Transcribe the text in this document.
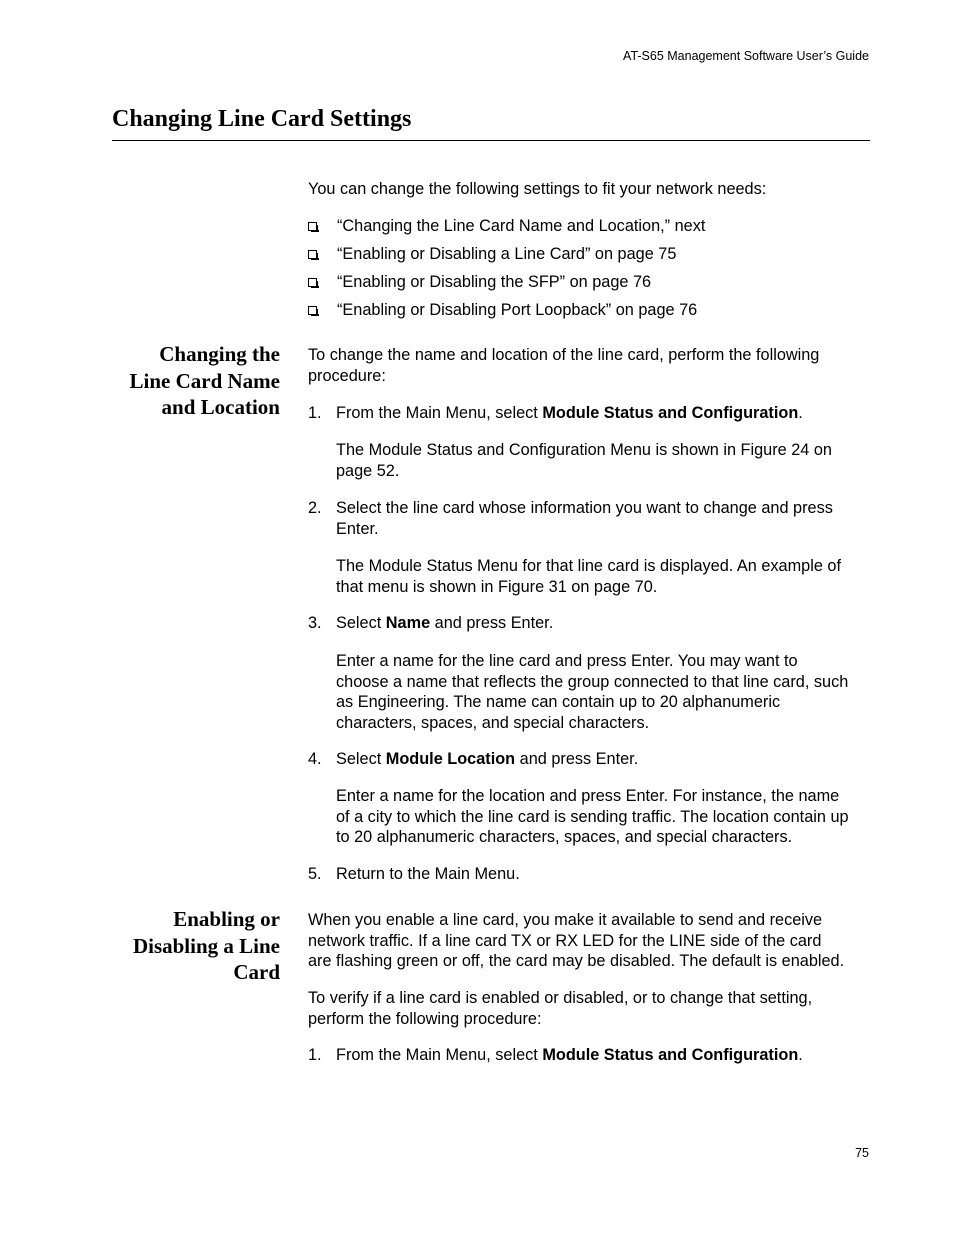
AT-S65 Management Software User’s Guide
Changing Line Card Settings

You can change the following settings to fit your network needs:

“Changing the Line Card Name and Location,” next
“Enabling or Disabling a Line Card” on page 75
“Enabling or Disabling the SFP” on page 76
“Enabling or Disabling Port Loopback” on page 76
Changing the
Line Card Name
and Location

To change the name and location of the line card, perform the following
procedure:

1. From the Main Menu, select Module Status and Configuration.

The Module Status and Configuration Menu is shown in Figure 24 on
page 52.

2. Select the line card whose information you want to change and press
Enter.

The Module Status Menu for that line card is displayed. An example of
that menu is shown in Figure 31 on page 70.

3. Select Name and press Enter.

Enter a name for the line card and press Enter. You may want to
choose a name that reflects the group connected to that line card, such
as Engineering. The name can contain up to 20 alphanumeric
characters, spaces, and special characters.

4. Select Module Location and press Enter.

Enter a name for the location and press Enter. For instance, the name
of a city to which the line card is sending traffic. The location contain up
to 20 alphanumeric characters, spaces, and special characters.

5. Return to the Main Menu.
Enabling or
Disabling a Line
Card

When you enable a line card, you make it available to send and receive
network traffic. If a line card TX or RX LED for the LINE side of the card
are flashing green or off, the card may be disabled. The default is enabled.

To verify if a line card is enabled or disabled, or to change that setting,
perform the following procedure:

1. From the Main Menu, select Module Status and Configuration.
75
